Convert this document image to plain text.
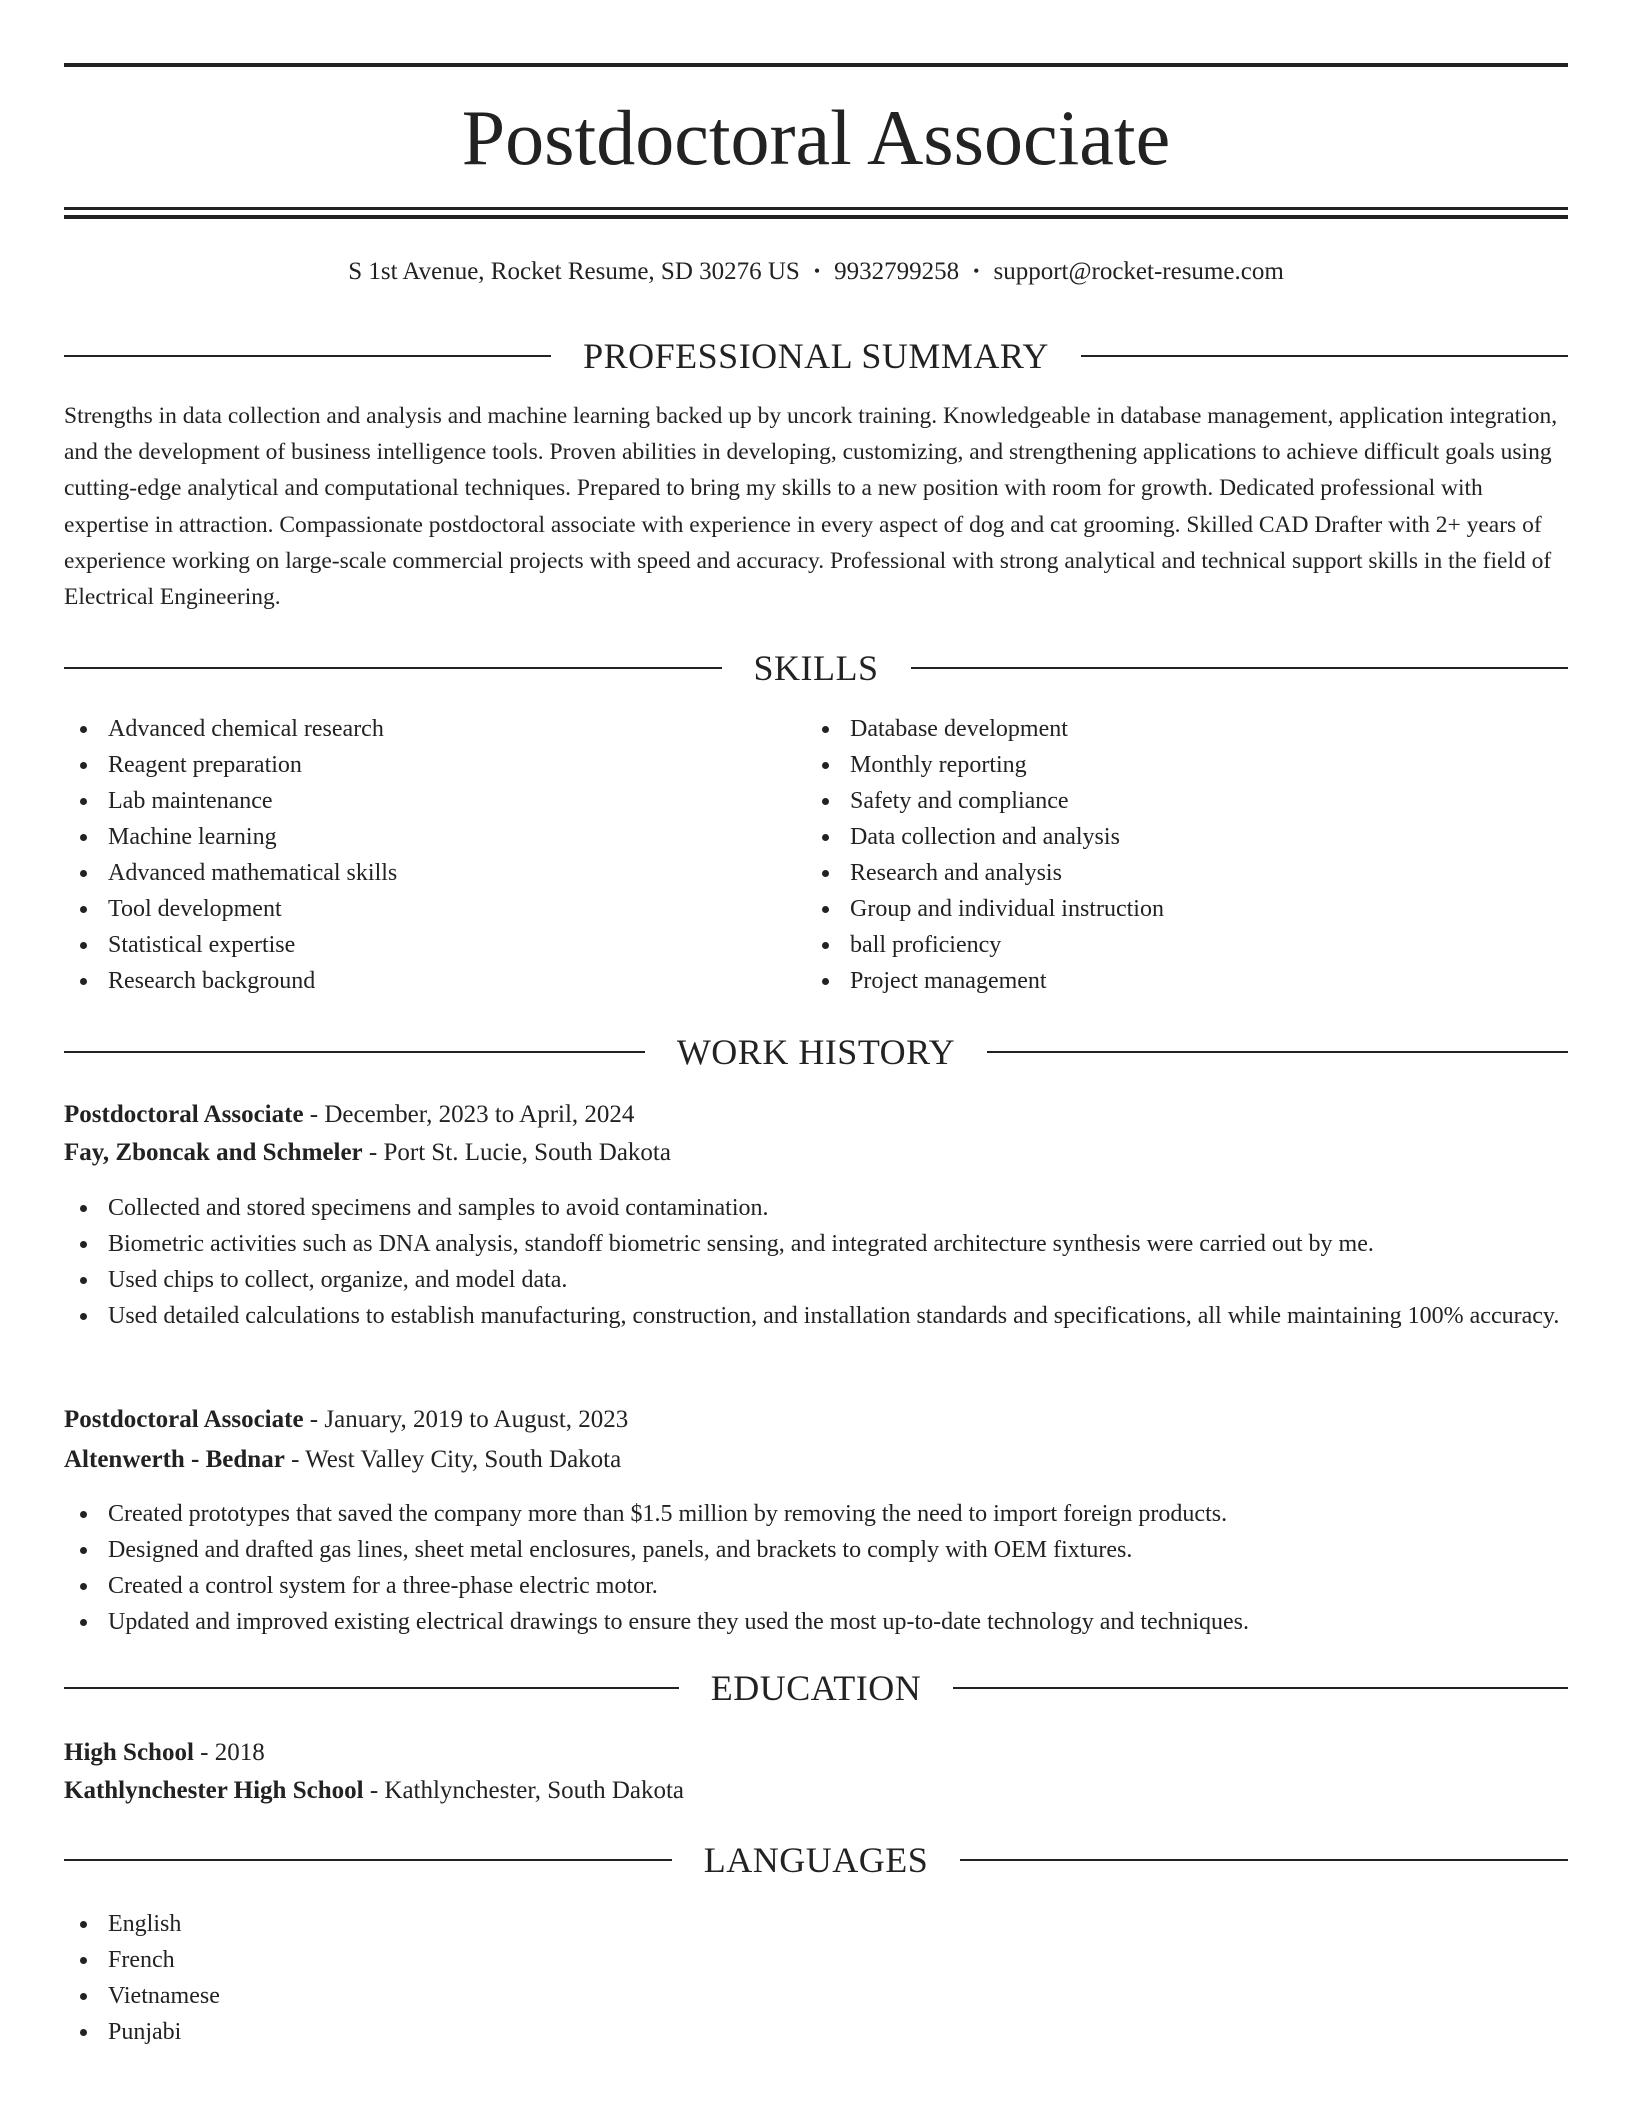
Postdoctoral Associate
S 1st Avenue, Rocket Resume, SD 30276 US • 9932799258 • support@rocket-resume.com
PROFESSIONAL SUMMARY

Strengths in data collection and analysis and machine learning backed up by uncork training. Knowledgeable in database management, application integration, and the development of business intelligence tools. Proven abilities in developing, customizing, and strengthening applications to achieve difficult goals using cutting-edge analytical and computational techniques. Prepared to bring my skills to a new position with room for growth. Dedicated professional with expertise in attraction. Compassionate postdoctoral associate with experience in every aspect of dog and cat grooming. Skilled CAD Drafter with 2+ years of experience working on large-scale commercial projects with speed and accuracy. Professional with strong analytical and technical support skills in the field of Electrical Engineering.

SKILLS
Advanced chemical research
Reagent preparation
Lab maintenance
Machine learning
Advanced mathematical skills
Tool development
Statistical expertise
Research background
Database development
Monthly reporting
Safety and compliance
Data collection and analysis
Research and analysis
Group and individual instruction
ball proficiency
Project management
WORK HISTORY
Postdoctoral Associate - December, 2023 to April, 2024
Fay, Zboncak and Schmeler - Port St. Lucie, South Dakota
Collected and stored specimens and samples to avoid contamination.
Biometric activities such as DNA analysis, standoff biometric sensing, and integrated architecture synthesis were carried out by me.
Used chips to collect, organize, and model data.
Used detailed calculations to establish manufacturing, construction, and installation standards and specifications, all while maintaining 100% accuracy.
Postdoctoral Associate - January, 2019 to August, 2023
Altenwerth - Bednar - West Valley City, South Dakota
Created prototypes that saved the company more than $1.5 million by removing the need to import foreign products.
Designed and drafted gas lines, sheet metal enclosures, panels, and brackets to comply with OEM fixtures.
Created a control system for a three-phase electric motor.
Updated and improved existing electrical drawings to ensure they used the most up-to-date technology and techniques.
EDUCATION
High School - 2018
Kathlynchester High School - Kathlynchester, South Dakota
LANGUAGES
English
French
Vietnamese
Punjabi
